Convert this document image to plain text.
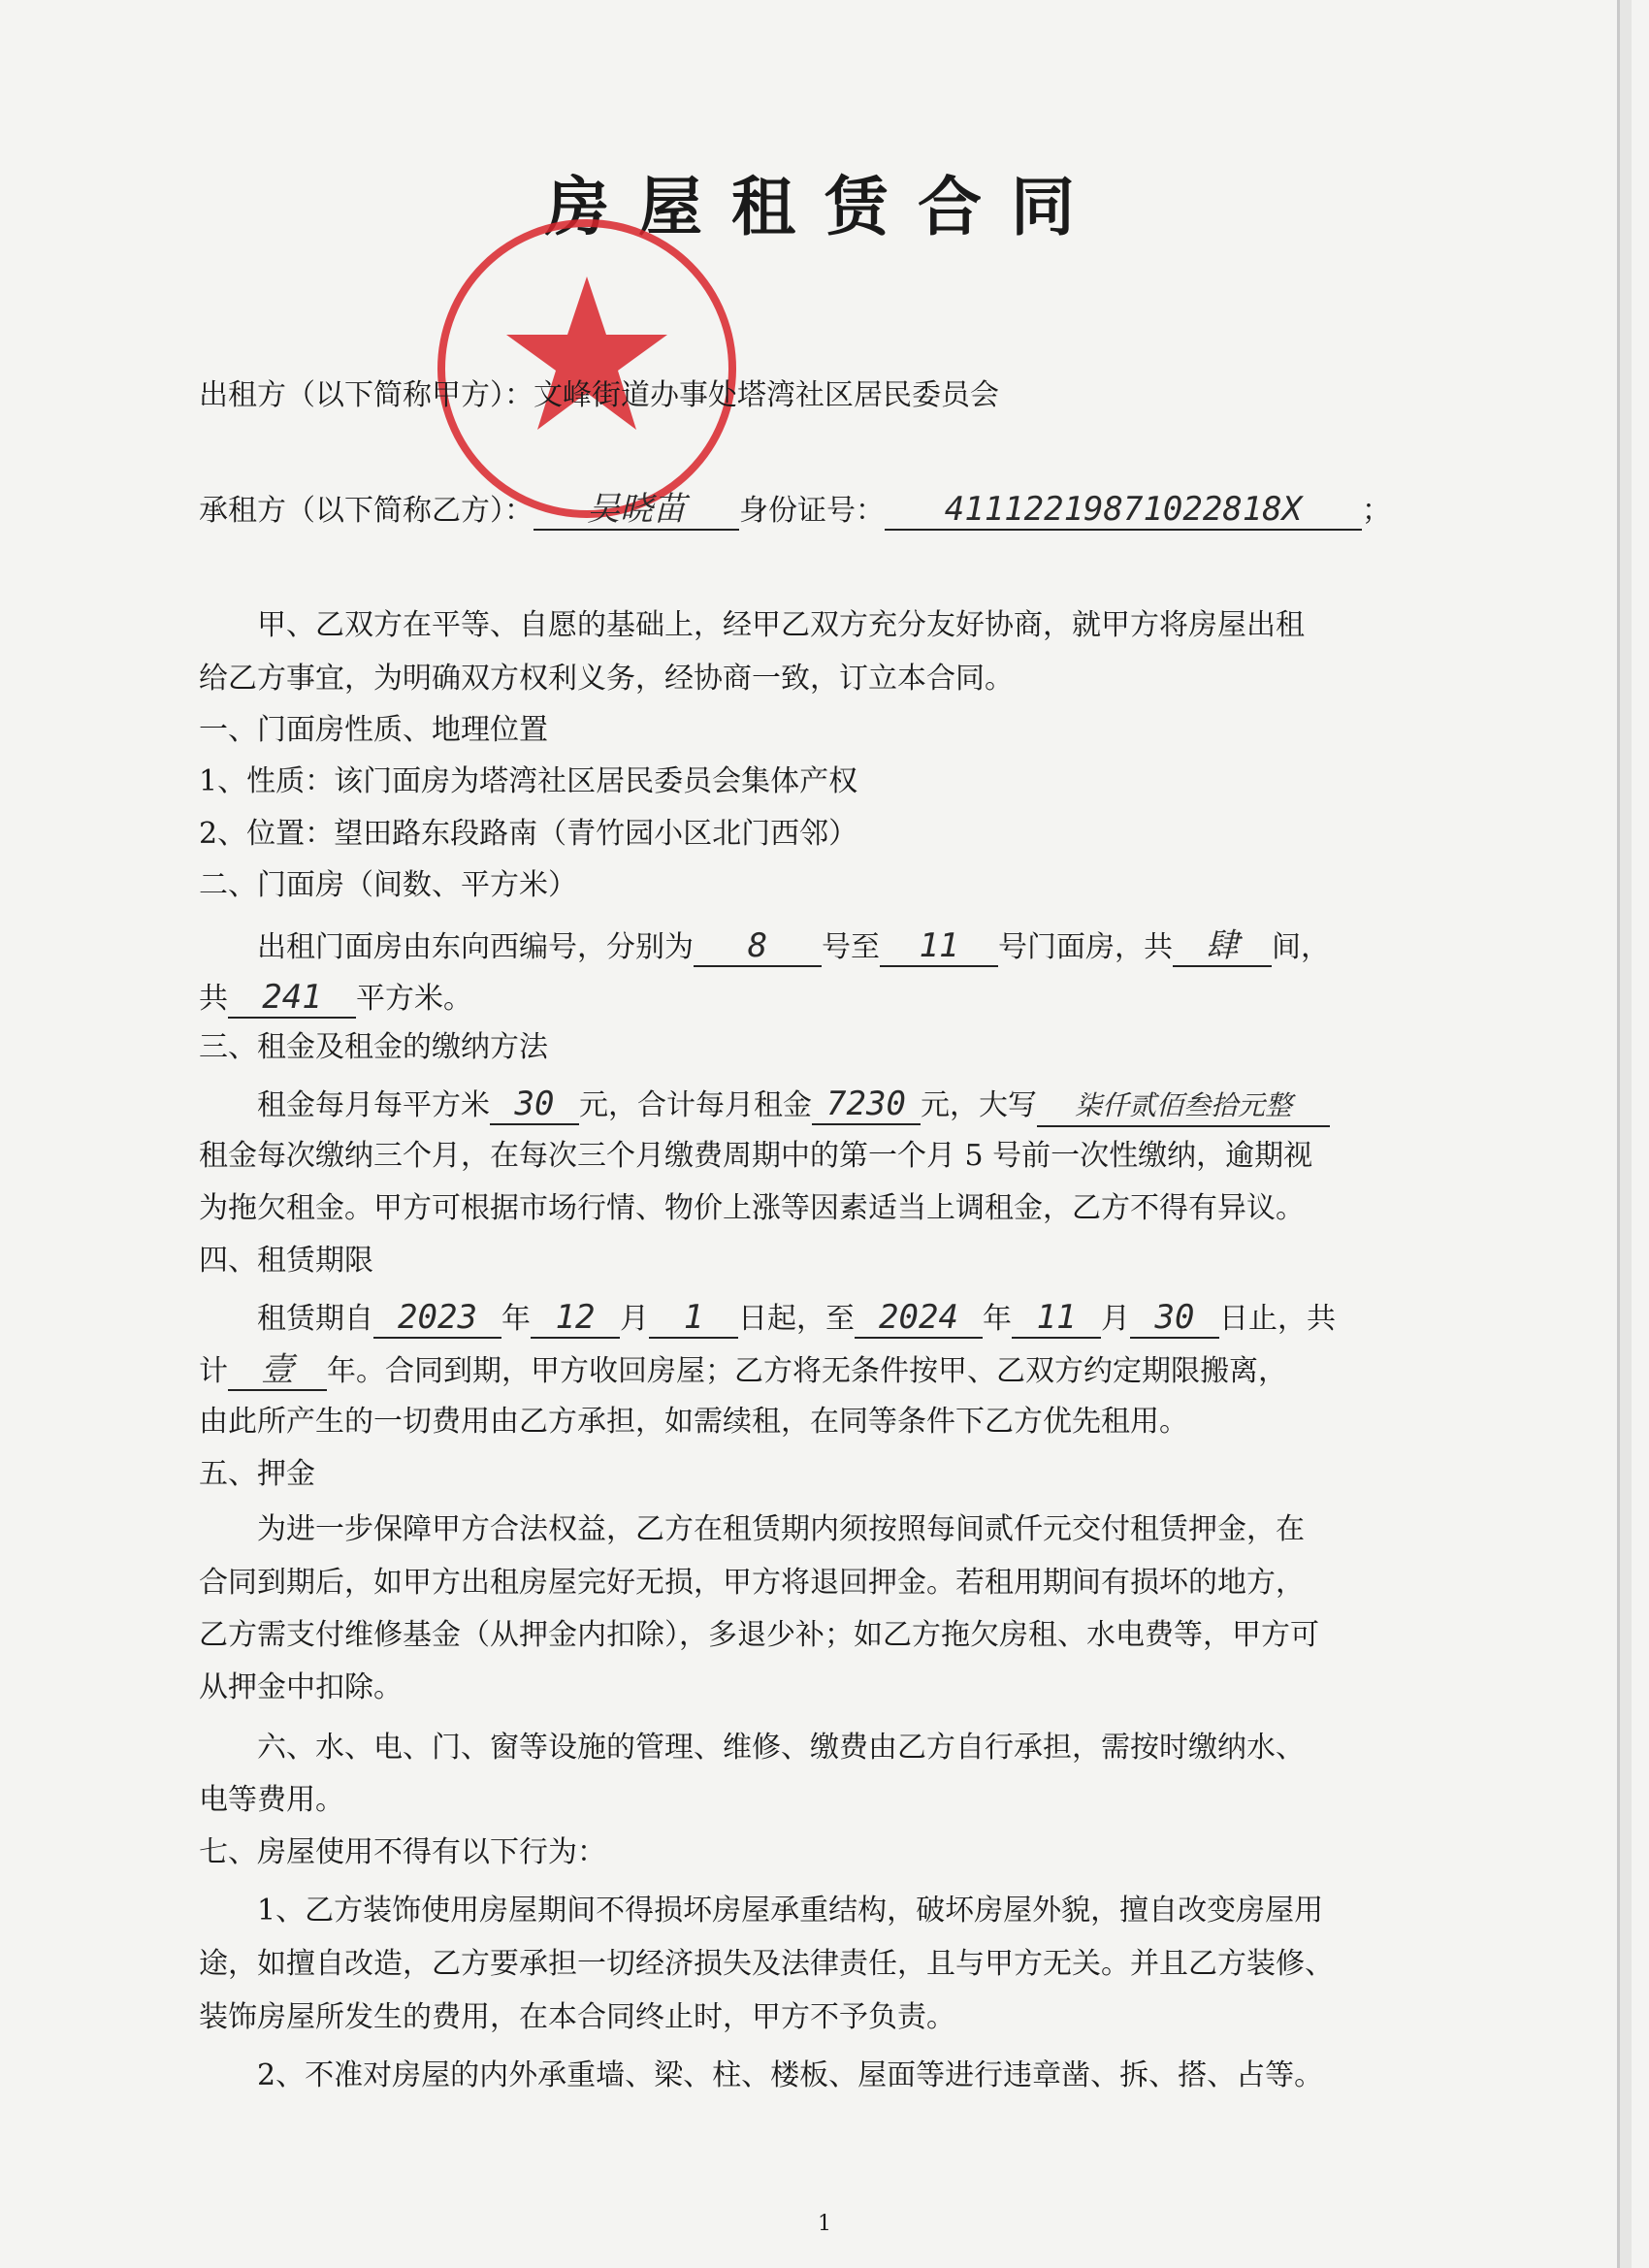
房屋租赁合同
出租方（以下简称甲方）：文峰街道办事处塔湾社区居民委员会
承租方（以下简称乙方）： 吴晓苗 身份证号： 41112219871022818X ；
甲、乙双方在平等、自愿的基础上，经甲乙双方充分友好协商，就甲方将房屋出租
给乙方事宜，为明确双方权利义务，经协商一致，订立本合同。
一、门面房性质、地理位置
1、性质：该门面房为塔湾社区居民委员会集体产权
2、位置：望田路东段路南（青竹园小区北门西邻）
二、门面房（间数、平方米）
出租门面房由东向西编号，分别为 8 号至 11 号门面房，共 肆 间，
共 241 平方米。
三、租金及租金的缴纳方法
租金每月每平方米 30 元，合计每月租金 7230 元，大写 柒仟贰佰叁拾元整
租金每次缴纳三个月，在每次三个月缴费周期中的第一个月 5 号前一次性缴纳，逾期视
为拖欠租金。甲方可根据市场行情、物价上涨等因素适当上调租金，乙方不得有异议。
四、租赁期限
租赁期自 2023 年 12 月 1 日起，至 2024 年 11 月 30 日止，共
计 壹 年。合同到期，甲方收回房屋；乙方将无条件按甲、乙双方约定期限搬离，
由此所产生的一切费用由乙方承担，如需续租，在同等条件下乙方优先租用。
五、押金
为进一步保障甲方合法权益，乙方在租赁期内须按照每间贰仟元交付租赁押金，在
合同到期后，如甲方出租房屋完好无损，甲方将退回押金。若租用期间有损坏的地方，
乙方需支付维修基金（从押金内扣除），多退少补；如乙方拖欠房租、水电费等，甲方可
从押金中扣除。
六、水、电、门、窗等设施的管理、维修、缴费由乙方自行承担，需按时缴纳水、
电等费用。
七、房屋使用不得有以下行为：
1、乙方装饰使用房屋期间不得损坏房屋承重结构，破坏房屋外貌，擅自改变房屋用
途，如擅自改造，乙方要承担一切经济损失及法律责任，且与甲方无关。并且乙方装修、
装饰房屋所发生的费用，在本合同终止时，甲方不予负责。
2、不准对房屋的内外承重墙、梁、柱、楼板、屋面等进行违章凿、拆、搭、占等。
1
